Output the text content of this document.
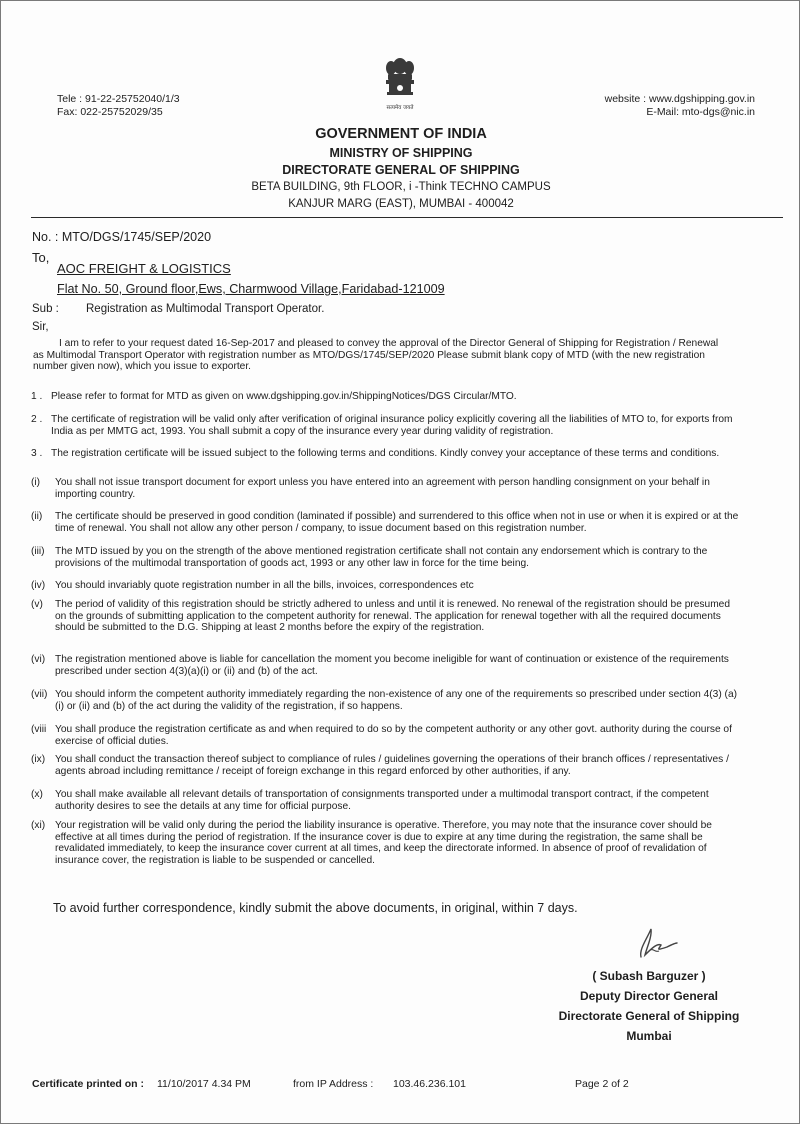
Tele : 91-22-25752040/1/3
Fax: 022-25752029/35	सत्यमेव जयते
website : www.dgshipping.gov.in
E-Mail: mto-dgs@nic.in
GOVERNMENT OF INDIA
MINISTRY OF SHIPPING
DIRECTORATE GENERAL OF SHIPPING
BETA BUILDING, 9th FLOOR, i -Think TECHNO CAMPUS
KANJUR MARG (EAST), MUMBAI - 400042
No. : MTO/DGS/1745/SEP/2020
To,
AOC FREIGHT & LOGISTICS
Flat No. 50, Ground floor,Ews, Charmwood Village,Faridabad-121009
Sub : Registration as Multimodal Transport Operator.
Sir,
I am to refer to your request dated 16-Sep-2017 and pleased to convey the approval of the Director General of Shipping for Registration / Renewal
as Multimodal Transport Operator with registration number as MTO/DGS/1745/SEP/2020 Please submit blank copy of MTD (with the new registration
number given now), which you issue to exporter.
1 . Please refer to format for MTD as given on www.dgshipping.gov.in/ShippingNotices/DGS Circular/MTO.
2 . The certificate of registration will be valid only after verification of original insurance policy explicitly covering all the liabilities of MTO to, for exports from
India as per MMTG act, 1993. You shall submit a copy of the insurance every year during validity of registration.
3 . The registration certificate will be issued subject to the following terms and conditions. Kindly convey your acceptance of these terms and conditions.
(i) You shall not issue transport document for export unless you have entered into an agreement with person handling consignment on your behalf in
importing country.
(ii) The certificate should be preserved in good condition (laminated if possible) and surrendered to this office when not in use or when it is expired or at the
time of renewal. You shall not allow any other person / company, to issue document based on this registration number.
(iii) The MTD issued by you on the strength of the above mentioned registration certificate shall not contain any endorsement which is contrary to the
provisions of the multimodal transportation of goods act, 1993 or any other law in force for the time being.
(iv) You should invariably quote registration number in all the bills, invoices, correspondences etc
(v) The period of validity of this registration should be strictly adhered to unless and until it is renewed. No renewal of the registration should be presumed
on the grounds of submitting application to the competent authority for renewal. The application for renewal together with all the required documents
should be submitted to the D.G. Shipping at least 2 months before the expiry of the registration.
(vi) The registration mentioned above is liable for cancellation the moment you become ineligible for want of continuation or existence of the requirements
prescribed under section 4(3)(a)(i) or (ii) and (b) of the act.
(vii) You should inform the competent authority immediately regarding the non-existence of any one of the requirements so prescribed under section 4(3) (a)
(i) or (ii) and (b) of the act during the validity of the registration, if so happens.
(viii You shall produce the registration certificate as and when required to do so by the competent authority or any other govt. authority during the course of
exercise of official duties.
(ix) You shall conduct the transaction thereof subject to compliance of rules / guidelines governing the operations of their branch offices / representatives /
agents abroad including remittance / receipt of foreign exchange in this regard enforced by other authorities, if any.
(x) You shall make available all relevant details of transportation of consignments transported under a multimodal transport contract, if the competent
authority desires to see the details at any time for official purpose.
(xi) Your registration will be valid only during the period the liability insurance is operative. Therefore, you may note that the insurance cover should be
effective at all times during the period of registration. If the insurance cover is due to expire at any time during the registration, the same shall be
revalidated immediately, to keep the insurance cover current at all times, and keep the directorate informed. In absence of proof of revalidation of
insurance cover, the registration is liable to be suspended or cancelled.
To avoid further correspondence, kindly submit the above documents, in original, within 7 days.
( Subash Barguzer )
Deputy Director General
Directorate General of Shipping
Mumbai
Certificate printed on : 11/10/2017 4.34 PM	from IP Address : 103.46.236.101	Page 2 of 2
